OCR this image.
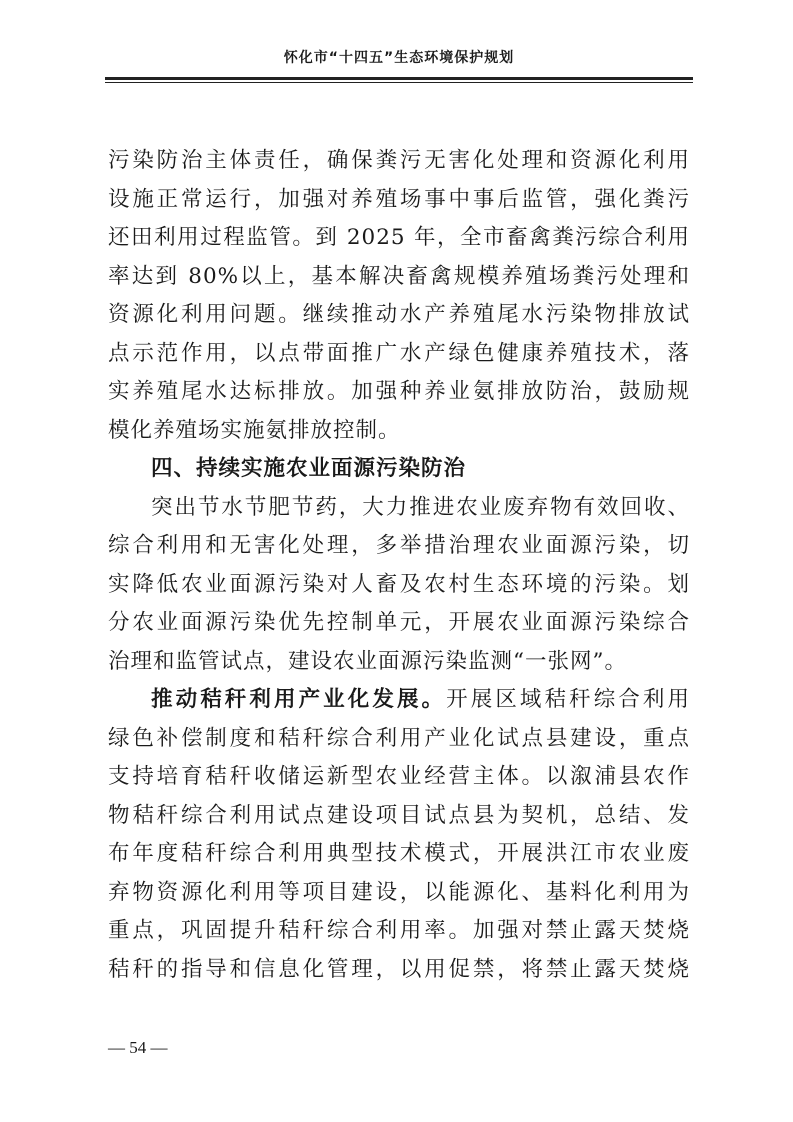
怀化市“十四五”生态环境保护规划
污染防治主体责任，确保粪污无害化处理和资源化利用
设施正常运行，加强对养殖场事中事后监管，强化粪污
还田利用过程监管。到 2025 年，全市畜禽粪污综合利用
率达到 80%以上，基本解决畜禽规模养殖场粪污处理和
资源化利用问题。继续推动水产养殖尾水污染物排放试
点示范作用，以点带面推广水产绿色健康养殖技术，落
实养殖尾水达标排放。加强种养业氨排放防治，鼓励规
模化养殖场实施氨排放控制。
四、持续实施农业面源污染防治
突出节水节肥节药，大力推进农业废弃物有效回收、
综合利用和无害化处理，多举措治理农业面源污染，切
实降低农业面源污染对人畜及农村生态环境的污染。划
分农业面源污染优先控制单元，开展农业面源污染综合
治理和监管试点，建设农业面源污染监测“一张网”。
推动秸秆利用产业化发展。开展区域秸秆综合利用
绿色补偿制度和秸秆综合利用产业化试点县建设，重点
支持培育秸秆收储运新型农业经营主体。以溆浦县农作
物秸秆综合利用试点建设项目试点县为契机，总结、发
布年度秸秆综合利用典型技术模式，开展洪江市农业废
弃物资源化利用等项目建设，以能源化、基料化利用为
重点，巩固提升秸秆综合利用率。加强对禁止露天焚烧
秸秆的指导和信息化管理，以用促禁，将禁止露天焚烧
— 54 —
